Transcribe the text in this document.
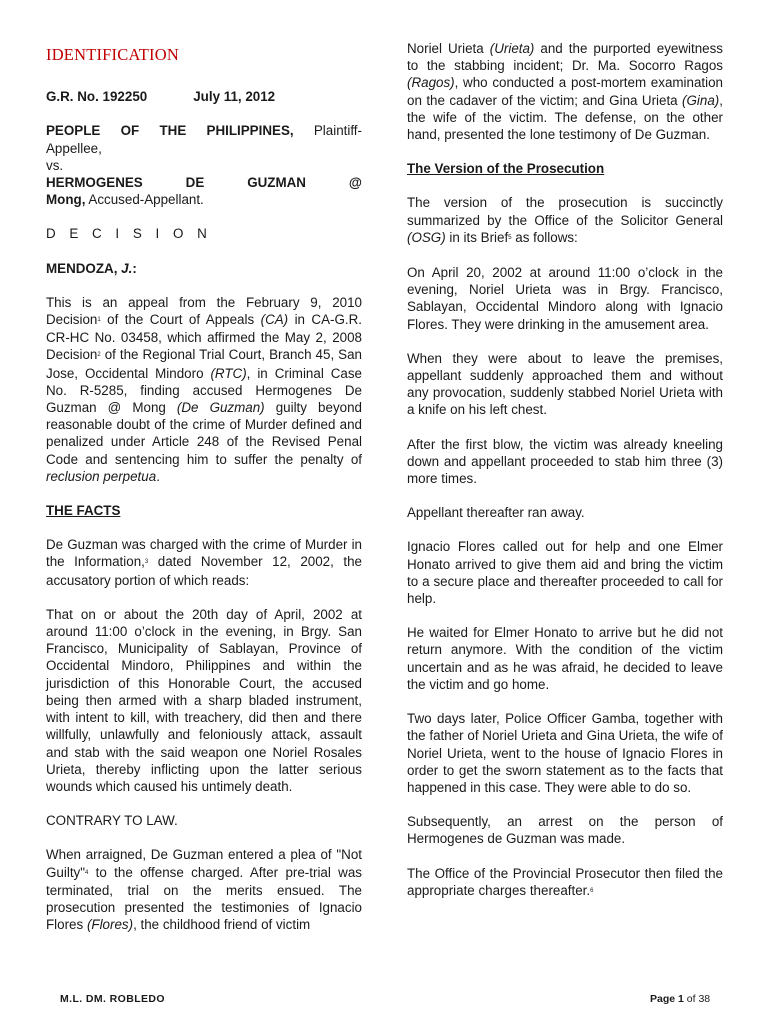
IDENTIFICATION
G.R. No. 192250	July 11, 2012
PEOPLE OF THE PHILIPPINES, Plaintiff-
Appellee,
vs.
HERMOGENES	DE	GUZMAN	@
Mong, Accused-Appellant.
D E C I S I O N

MENDOZA, J.:

This is an appeal from the February 9, 2010 Decision$^1$ of the Court of Appeals (CA) in CA-G.R. CR-HC No. 03458, which affirmed the May 2, 2008 Decision$^2$ of the Regional Trial Court, Branch 45, San Jose, Occidental Mindoro (RTC), in Criminal Case No. R-5285, finding accused Hermogenes De Guzman @ Mong (De Guzman) guilty beyond reasonable doubt of the crime of Murder defined and penalized under Article 248 of the Revised Penal Code and sentencing him to suffer the penalty of reclusion perpetua.

THE FACTS

De Guzman was charged with the crime of Murder in the Information,$^3$ dated November 12, 2002, the accusatory portion of which reads:

That on or about the 20th day of April, 2002 at around 11:00 o’clock in the evening, in Brgy. San Francisco, Municipality of Sablayan, Province of Occidental Mindoro, Philippines and within the jurisdiction of this Honorable Court, the accused being then armed with a sharp bladed instrument, with intent to kill, with treachery, did then and there willfully, unlawfully and feloniously attack, assault and stab with the said weapon one Noriel Rosales Urieta, thereby inflicting upon the latter serious wounds which caused his untimely death.

CONTRARY TO LAW.

When arraigned, De Guzman entered a plea of "Not Guilty"$^4$ to the offense charged. After pre-trial was terminated, trial on the merits ensued. The prosecution presented the testimonies of Ignacio Flores (Flores), the childhood friend of victim

Noriel Urieta (Urieta) and the purported eyewitness to the stabbing incident; Dr. Ma. Socorro Ragos (Ragos), who conducted a post-mortem examination on the cadaver of the victim; and Gina Urieta (Gina), the wife of the victim. The defense, on the other hand, presented the lone testimony of De Guzman.

The Version of the Prosecution

The version of the prosecution is succinctly summarized by the Office of the Solicitor General (OSG) in its Brief$^5$ as follows:

On April 20, 2002 at around 11:00 o’clock in the evening, Noriel Urieta was in Brgy. Francisco, Sablayan, Occidental Mindoro along with Ignacio Flores. They were drinking in the amusement area.

When they were about to leave the premises, appellant suddenly approached them and without any provocation, suddenly stabbed Noriel Urieta with a knife on his left chest.

After the first blow, the victim was already kneeling down and appellant proceeded to stab him three (3) more times.

Appellant thereafter ran away.

Ignacio Flores called out for help and one Elmer Honato arrived to give them aid and bring the victim to a secure place and thereafter proceeded to call for help.

He waited for Elmer Honato to arrive but he did not return anymore. With the condition of the victim uncertain and as he was afraid, he decided to leave the victim and go home.

Two days later, Police Officer Gamba, together with the father of Noriel Urieta and Gina Urieta, the wife of Noriel Urieta, went to the house of Ignacio Flores in order to get the sworn statement as to the facts that happened in this case. They were able to do so.

Subsequently, an arrest on the person of Hermogenes de Guzman was made.

The Office of the Provincial Prosecutor then filed the appropriate charges thereafter.$^6$

M.L. DM. ROBLEDO	Page 1 of 38
